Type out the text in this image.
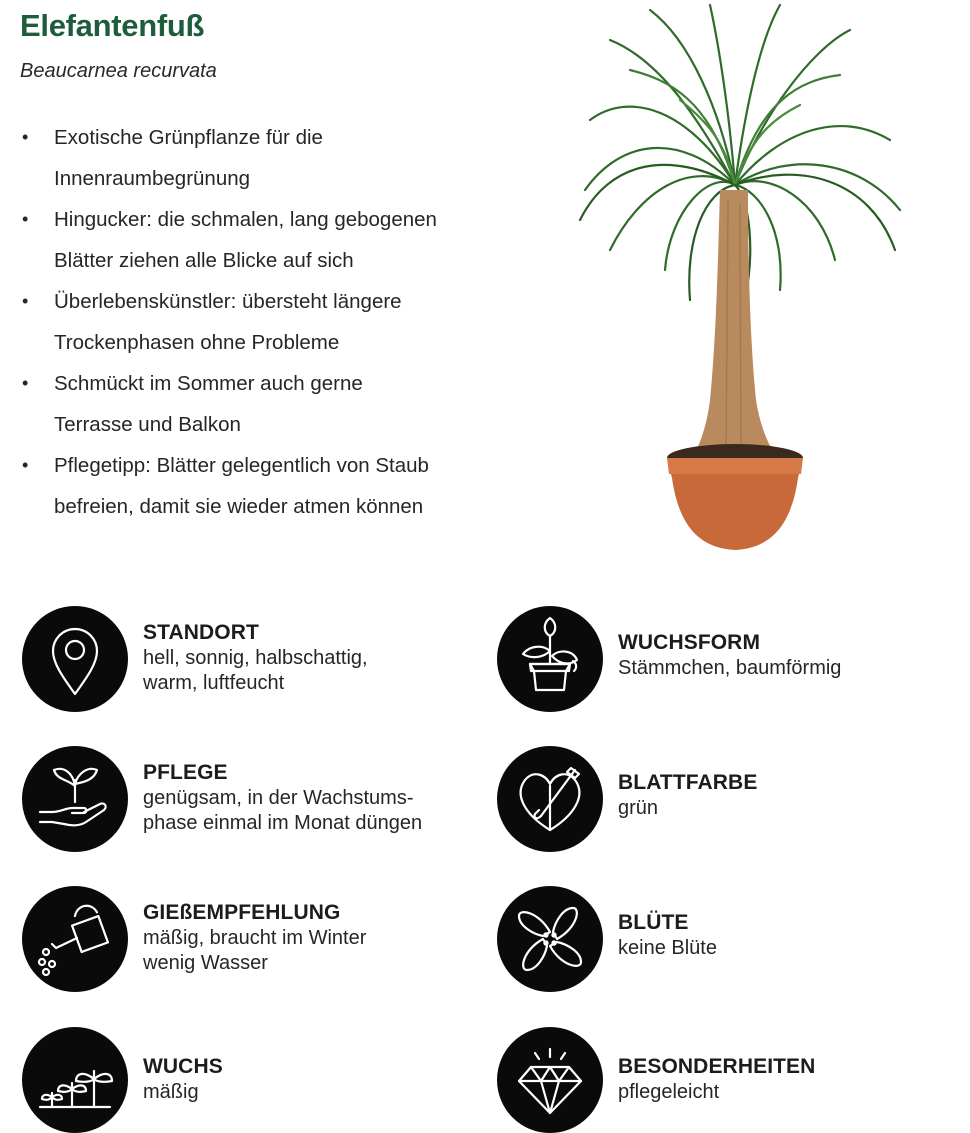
Elefantenfuß
Beaucarnea recurvata
• Exotische Grünpflanze für die
Innenraumbegrünung
• Hingucker: die schmalen, lang gebogenen
Blätter ziehen alle Blicke auf sich
• Überlebenskünstler: übersteht längere
Trockenphasen ohne Probleme
• Schmückt im Sommer auch gerne
Terrasse und Balkon
• Pflegetipp: Blätter gelegentlich von Staub
befreien, damit sie wieder atmen können
STANDORT
hell, sonnig, halbschattig,
warm, luftfeucht
WUCHSFORM
Stämmchen, baumförmig
PFLEGE
genügsam, in der Wachstums-
phase einmal im Monat düngen
BLATTFARBE
grün
GIEßEMPFEHLUNG
mäßig, braucht im Winter
wenig Wasser
BLÜTE
keine Blüte
WUCHS
mäßig
BESONDERHEITEN
pflegeleicht
